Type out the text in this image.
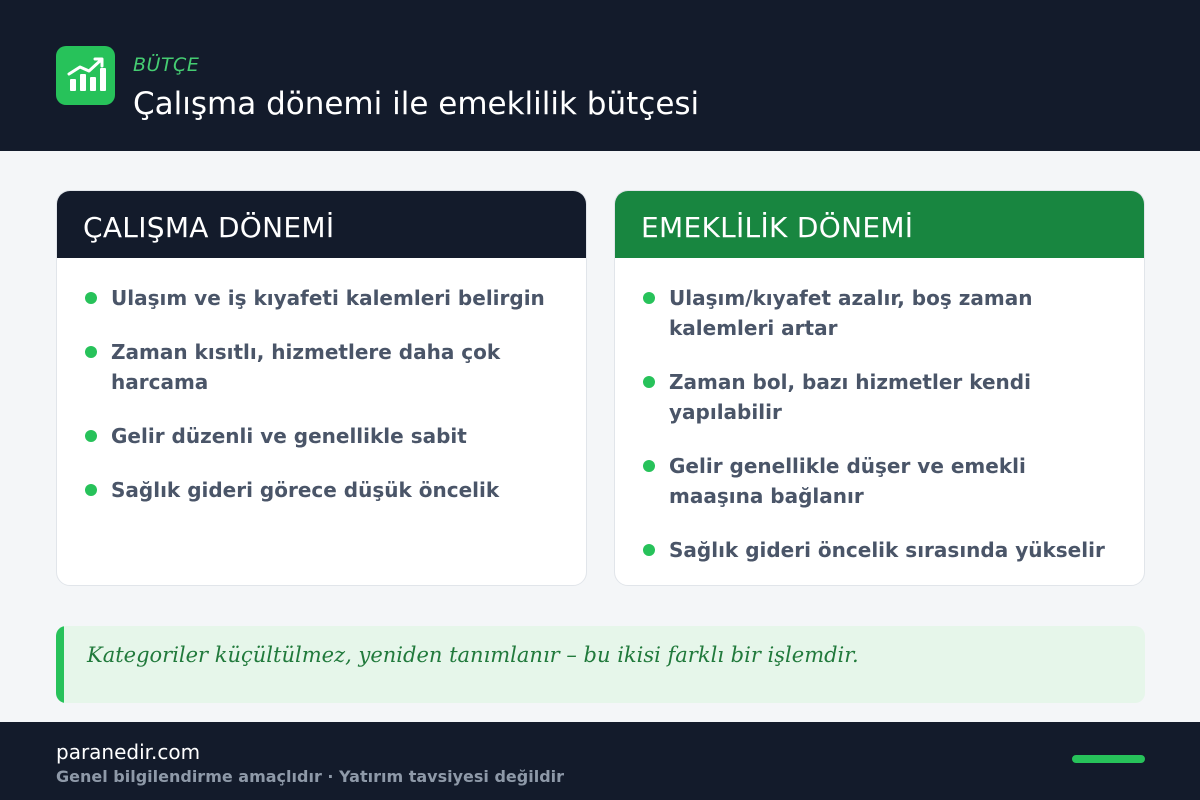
BÜTÇE
Çalışma dönemi ile emeklilik bütçesi
ÇALIŞMA DÖNEMİ
Ulaşım ve iş kıyafeti kalemleri belirgin
Zaman kısıtlı, hizmetlere daha çok harcama
Gelir düzenli ve genellikle sabit
Sağlık gideri görece düşük öncelik
EMEKLİLİK DÖNEMİ
Ulaşım/kıyafet azalır, boş zaman kalemleri artar
Zaman bol, bazı hizmetler kendi yapılabilir
Gelir genellikle düşer ve emekli maaşına bağlanır
Sağlık gideri öncelik sırasında yükselir
Kategoriler küçültülmez, yeniden tanımlanır – bu ikisi farklı bir işlemdir.
paranedir.com
Genel bilgilendirme amaçlıdır · Yatırım tavsiyesi değildir
